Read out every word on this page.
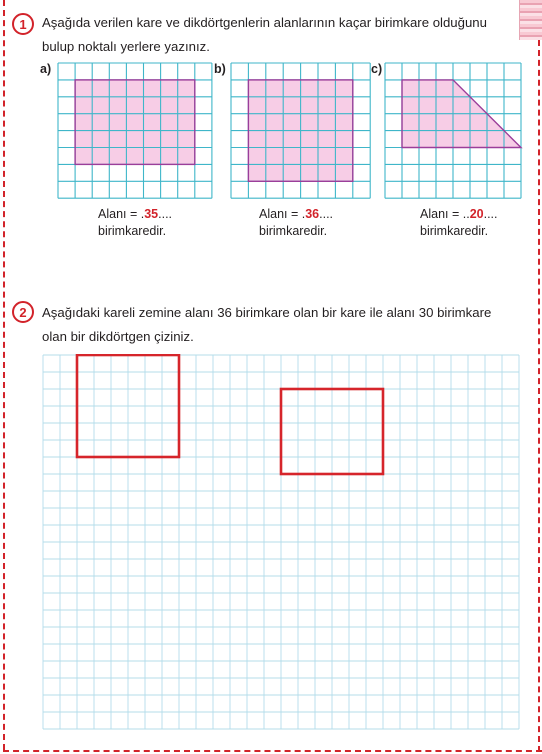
1 Aşağıda verilen kare ve dikdörtgenlerin alanlarının kaçar birimkare olduğunu
bulup noktalı yerlere yazınız.
a)	b)	c)
Alanı = .35....
birimkaredir.
Alanı = .36....
birimkaredir.
Alanı = ..20....
birimkaredir.
2 Aşağıdaki kareli zemine alanı 36 birimkare olan bir kare ile alanı 30 birimkare
olan bir dikdörtgen çiziniz.
